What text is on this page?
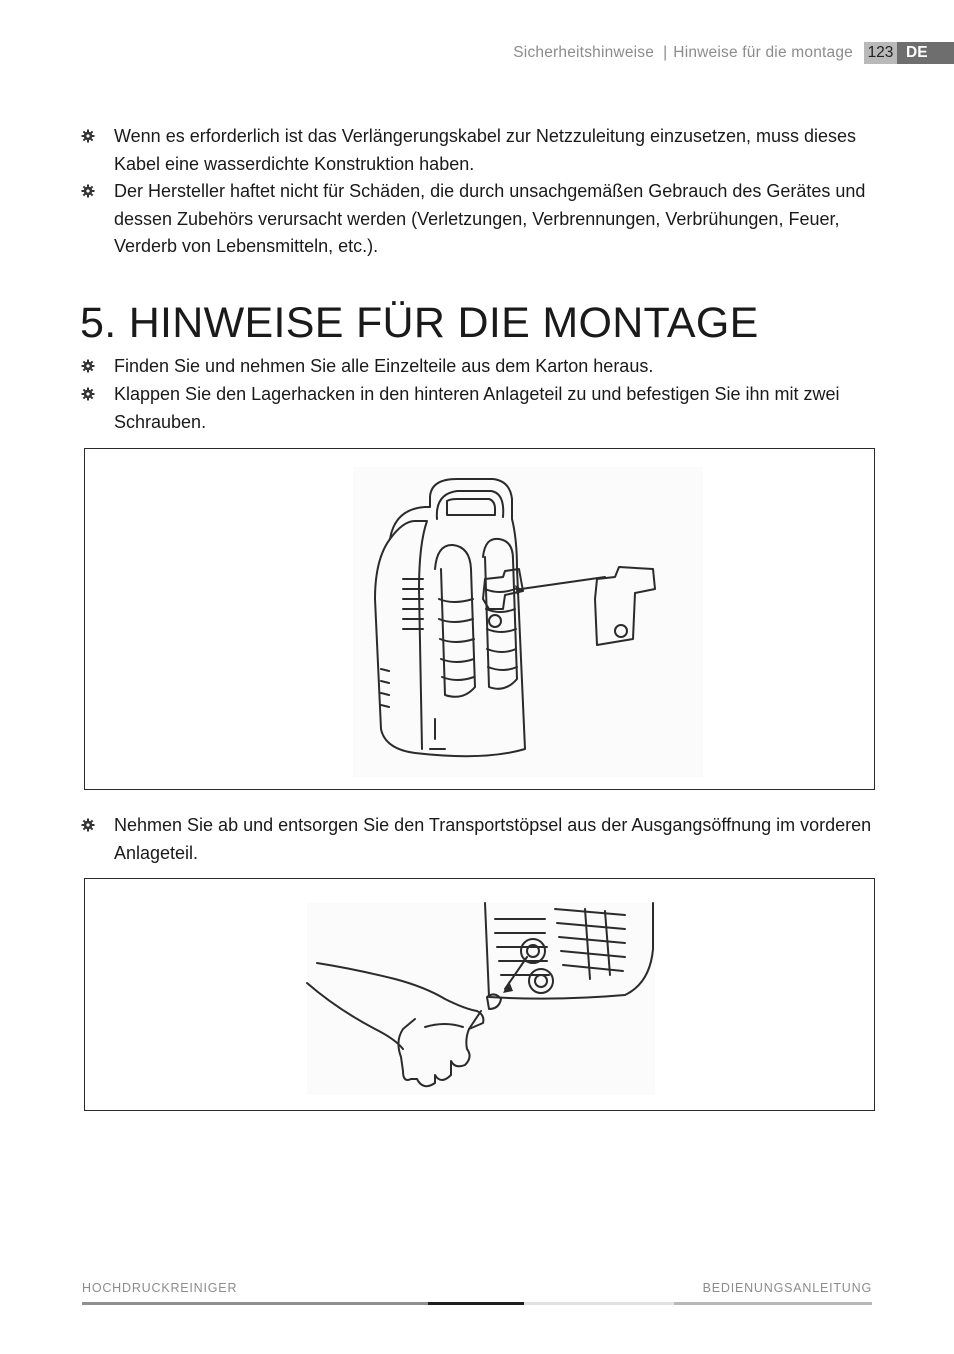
Sicherheitshinweise | Hinweise für die montage 123 DE
Wenn es erforderlich ist das Verlängerungskabel zur Netzzuleitung einzusetzen, muss dieses Kabel eine wasserdichte Konstruktion haben.
Der Hersteller haftet nicht für Schäden, die durch unsachgemäßen Gebrauch des Gerätes und dessen Zubehörs verursacht werden (Verletzungen, Verbrennungen, Verbrühungen, Feuer, Verderb von Lebensmitteln, etc.).
5. HINWEISE FÜR DIE MONTAGE
Finden Sie und nehmen Sie alle Einzelteile aus dem Karton heraus.
Klappen Sie den Lagerhacken in den hinteren Anlageteil zu und befestigen Sie ihn mit zwei Schrauben.
Nehmen Sie ab und entsorgen Sie den Transportstöpsel aus der Ausgangsöffnung im vorderen Anlageteil.
HOCHDRUCKREINIGER	BEDIENUNGSANLEITUNG
